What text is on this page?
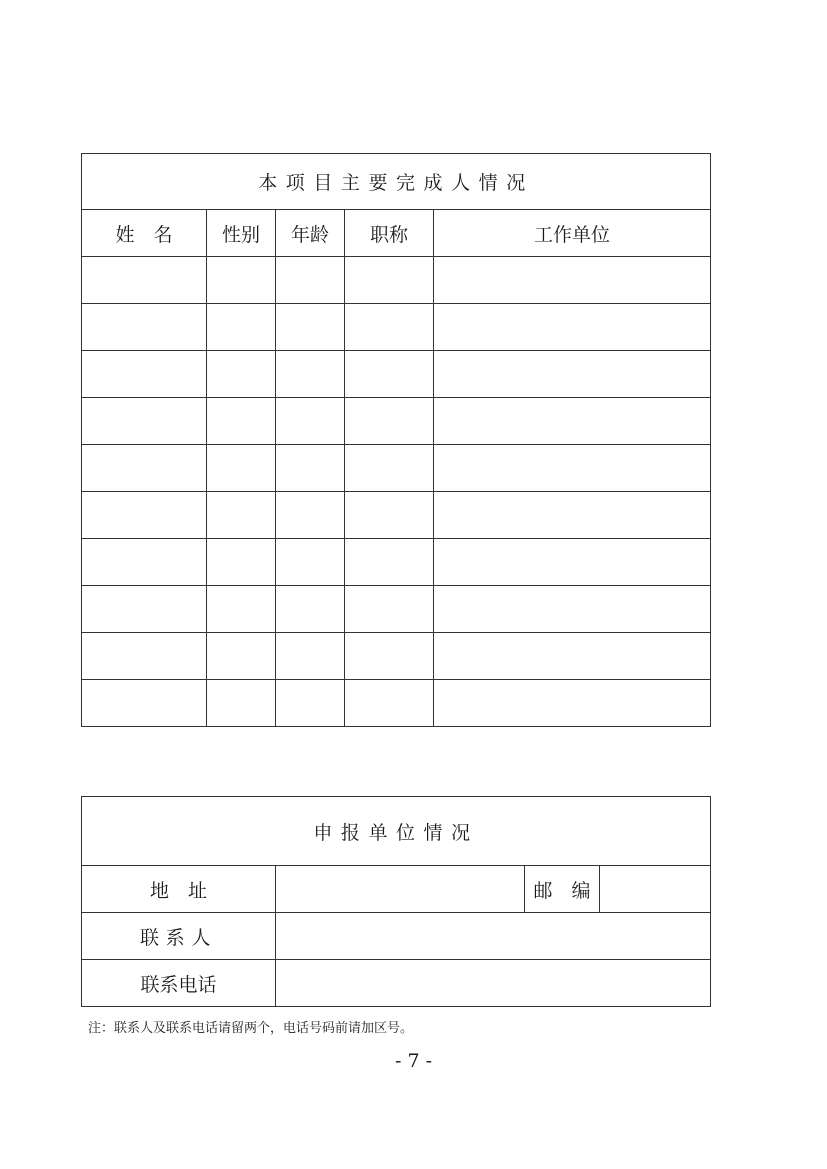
本项目主要完成人情况				
姓　名	性别	年龄	职称	工作单位

申报单位情况			
地　址		邮　编	
联系人			
联系电话			
注：联系人及联系电话请留两个，电话号码前请加区号。
- 7 -
